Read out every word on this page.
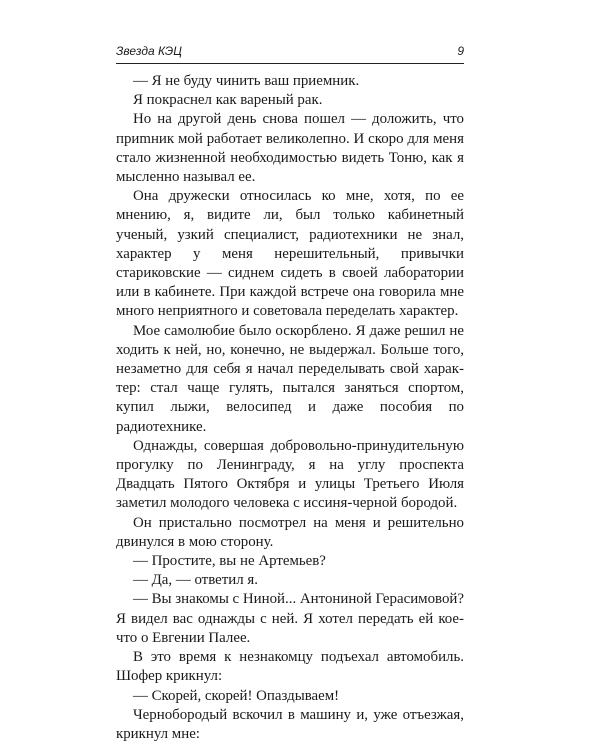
Звезда КЭЦ	9

— Я не буду чинить ваш приемник.

Я покраснел как вареный рак.

Но на другой день снова пошел — доложить, что приmник мой работает великолепно. И скоро для меня стало жизненной необходимостью видеть Тоню, как я мысленно называл ее.

Она дружески относилась ко мне, хотя, по ее мнению, я, видите ли, был только кабинетный ученый, узкий специалист, радиотехники не знал, характер у меня нерешительный, привычки стариковские — сиднем сидеть в своей лаборатории или в кабинете. При каждой встрече она говорила мне много неприятного и советовала переделать характер.

Мое самолюбие было оскорблено. Я даже решил не ходить к ней, но, конечно, не выдержал. Больше того, незаметно для себя я начал переделывать свой характер: стал чаще гулять, пытался заняться спортом, купил лыжи, велосипед и даже пособия по радиотехнике.

Однажды, совершая добровольно-принудительную прогулку по Ленинграду, я на углу проспекта Двадцать Пятого Октября и улицы Третьего Июля заметил молодого человека с иссиня-черной бородой.

Он пристально посмотрел на меня и решительно двинулся в мою сторону.

— Простите, вы не Артемьев?

— Да, — ответил я.

— Вы знакомы с Ниной... Антониной Герасимовой? Я видел вас однажды с ней. Я хотел передать ей кое-что о Евгении Палее.

В это время к незнакомцу подъехал автомобиль. Шофер крикнул:

— Скорей, скорей! Опаздываем!

Чернобородый вскочил в машину и, уже отъезжая, крикнул мне:
